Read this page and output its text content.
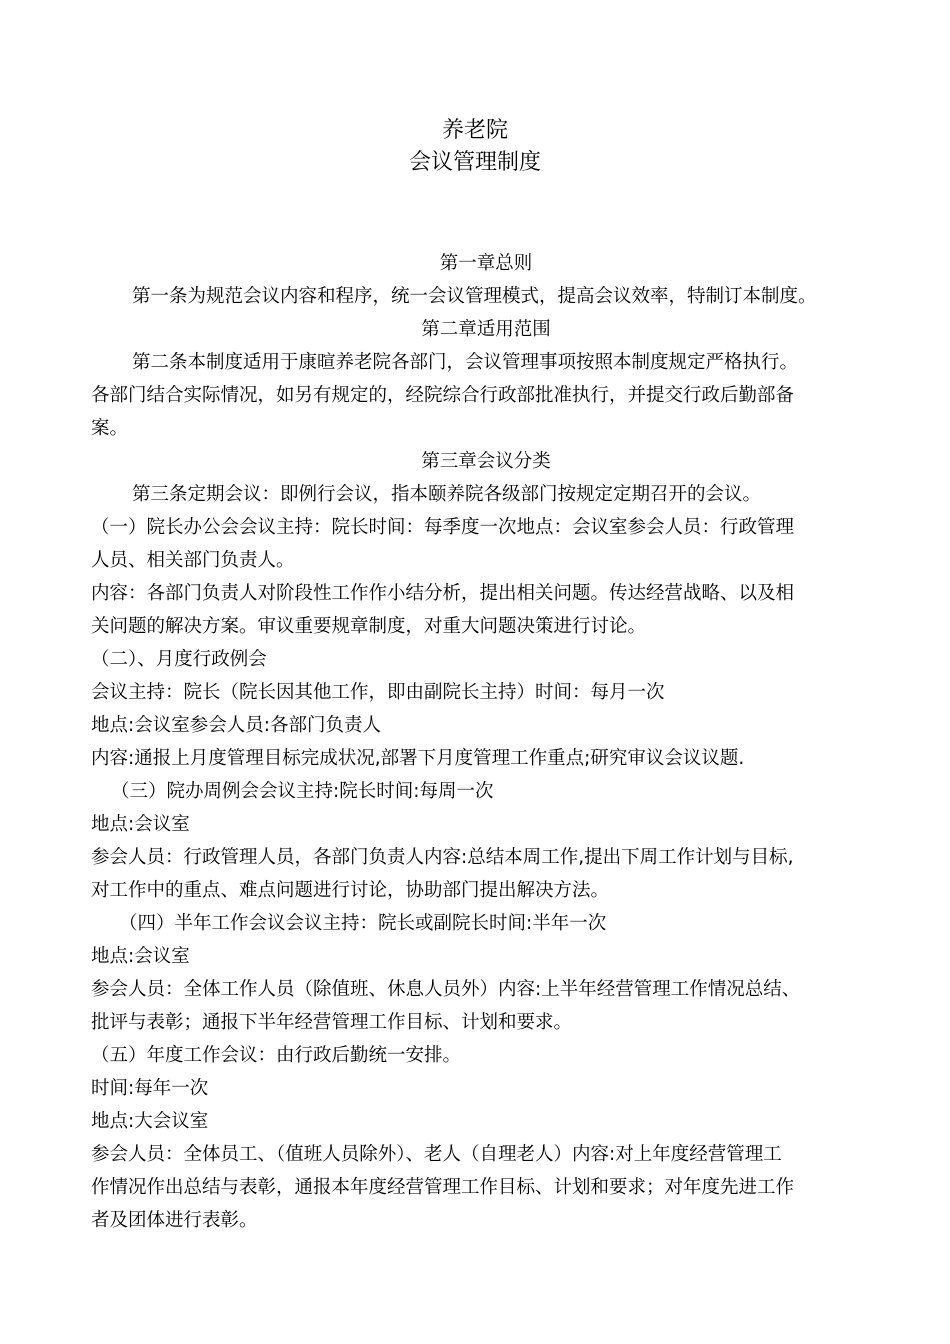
养老院
会议管理制度
第一章总则
第一条为规范会议内容和程序，统一会议管理模式，提高会议效率，特制订本制度。
第二章适用范围
第二条本制度适用于康暄养老院各部门，会议管理事项按照本制度规定严格执行。
各部门结合实际情况，如另有规定的，经院综合行政部批准执行，并提交行政后勤部备
案。
第三章会议分类
第三条定期会议：即例行会议，指本颐养院各级部门按规定定期召开的会议。
（一）院长办公会会议主持：院长时间：每季度一次地点：会议室参会人员：行政管理
人员、相关部门负责人。
内容：各部门负责人对阶段性工作作小结分析，提出相关问题。传达经营战略、以及相
关问题的解决方案。审议重要规章制度，对重大问题决策进行讨论。
（二）、月度行政例会
会议主持：院长（院长因其他工作，即由副院长主持）时间：每月一次
地点:会议室参会人员:各部门负责人
内容:通报上月度管理目标完成状况,部署下月度管理工作重点;研究审议会议议题.
（三）院办周例会会议主持:院长时间:每周一次
地点:会议室
参会人员：行政管理人员，各部门负责人内容:总结本周工作,提出下周工作计划与目标,
对工作中的重点、难点问题进行讨论，协助部门提出解决方法。
（四）半年工作会议会议主持：院长或副院长时间:半年一次
地点:会议室
参会人员：全体工作人员（除值班、休息人员外）内容:上半年经营管理工作情况总结、
批评与表彰；通报下半年经营管理工作目标、计划和要求。
（五）年度工作会议：由行政后勤统一安排。
时间:每年一次
地点:大会议室
参会人员：全体员工、（值班人员除外）、老人（自理老人）内容:对上年度经营管理工
作情况作出总结与表彰，通报本年度经营管理工作目标、计划和要求；对年度先进工作
者及团体进行表彰。
